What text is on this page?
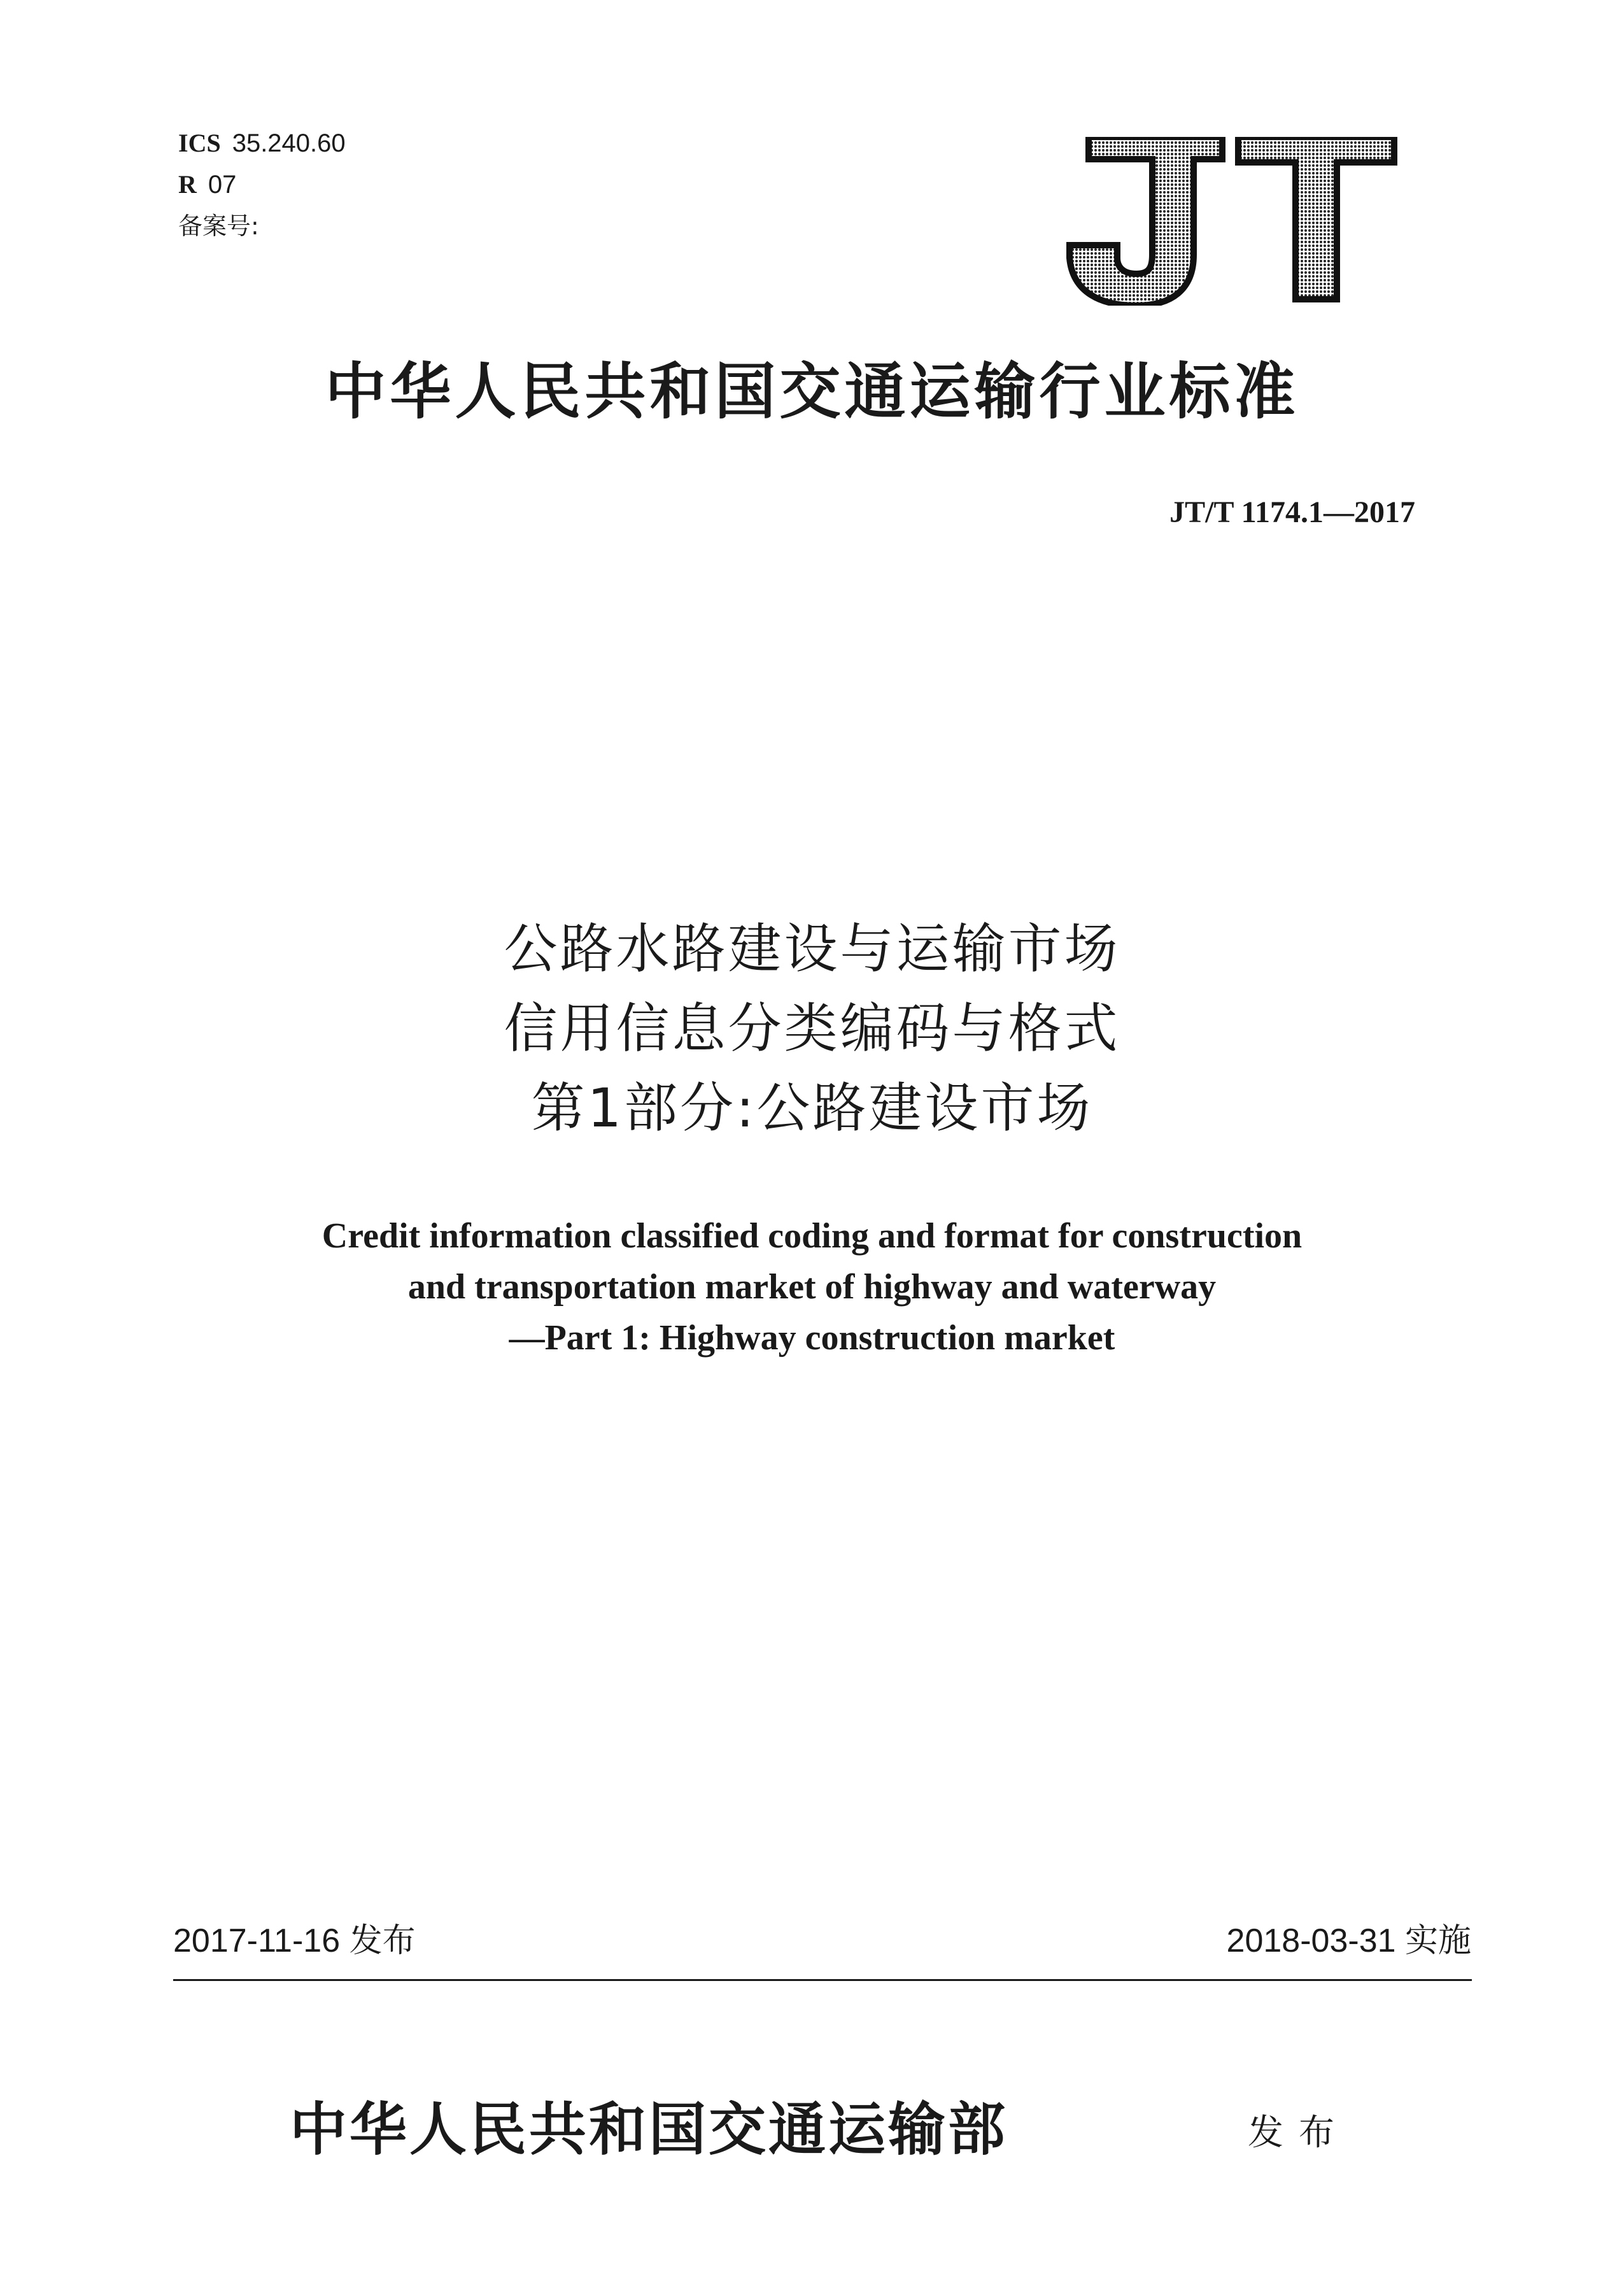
ICS 35.240.60
R 07
备案号:
JT
中华人民共和国交通运输行业标准
JT/T 1174.1—2017
公路水路建设与运输市场
信用信息分类编码与格式
第1部分:公路建设市场
Credit information classified coding and format for construction
and transportation market of highway and waterway
—Part 1: Highway construction market
2017-11-16 发布	2018-03-31 实施
中华人民共和国交通运输部	发布
